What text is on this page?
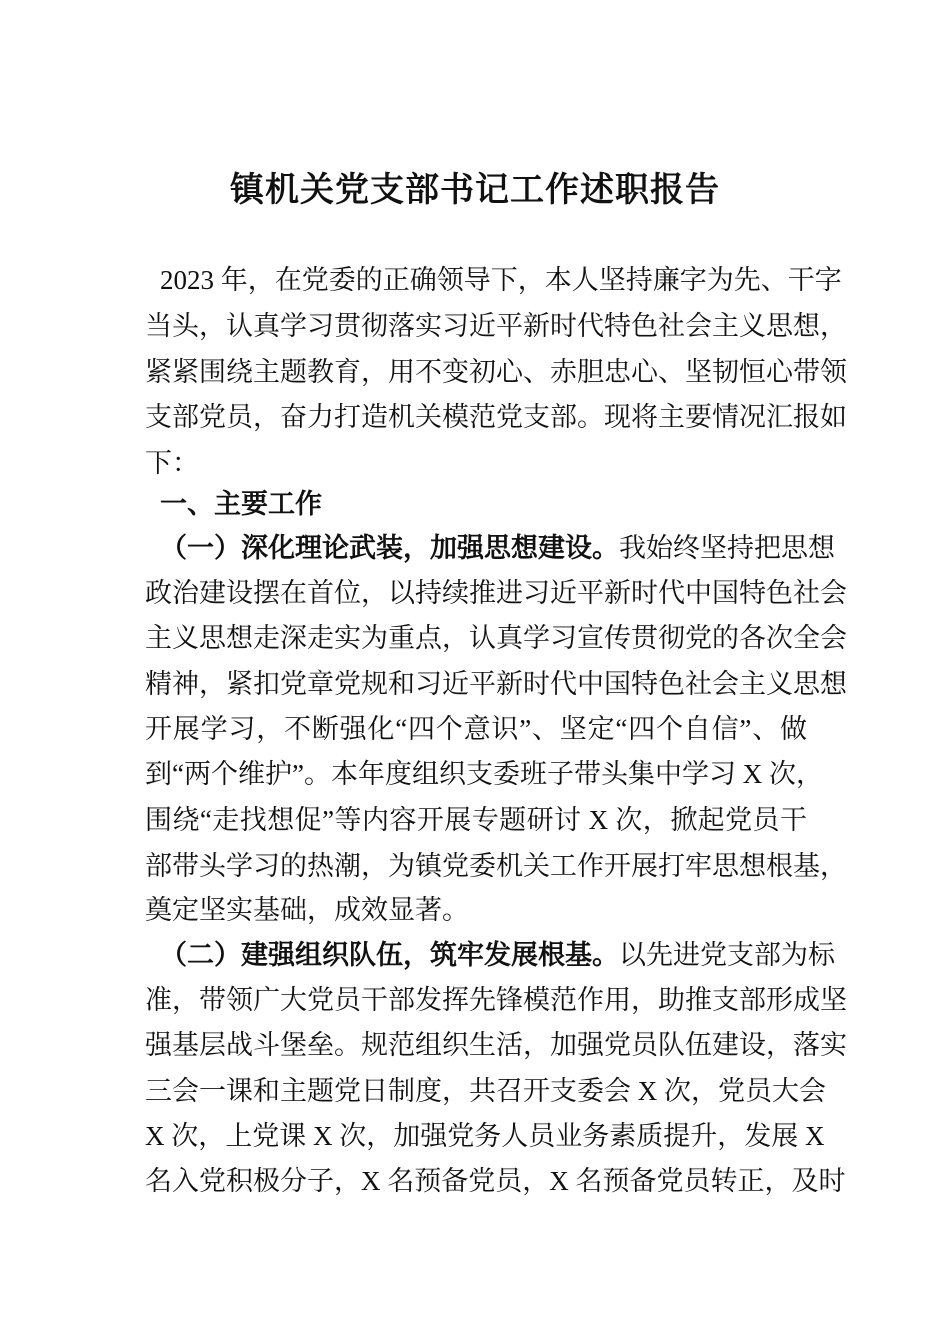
镇机关党支部书记工作述职报告
2023 年，在党委的正确领导下，本人坚持廉字为先、干字
当头，认真学习贯彻落实习近平新时代特色社会主义思想，
紧紧围绕主题教育，用不变初心、赤胆忠心、坚韧恒心带领
支部党员，奋力打造机关模范党支部。现将主要情况汇报如
下：
一、主要工作
（一）深化理论武装，加强思想建设。我始终坚持把思想
政治建设摆在首位，以持续推进习近平新时代中国特色社会
主义思想走深走实为重点，认真学习宣传贯彻党的各次全会
精神，紧扣党章党规和习近平新时代中国特色社会主义思想
开展学习，不断强化“四个意识”、坚定“四个自信”、做
到“两个维护”。本年度组织支委班子带头集中学习 X 次，
围绕“走找想促”等内容开展专题研讨 X 次，掀起党员干
部带头学习的热潮，为镇党委机关工作开展打牢思想根基，
奠定坚实基础，成效显著。
（二）建强组织队伍，筑牢发展根基。以先进党支部为标
准，带领广大党员干部发挥先锋模范作用，助推支部形成坚
强基层战斗堡垒。规范组织生活，加强党员队伍建设，落实
三会一课和主题党日制度，共召开支委会 X 次，党员大会
X 次，上党课 X 次，加强党务人员业务素质提升，发展 X
名入党积极分子，X 名预备党员，X 名预备党员转正，及时
